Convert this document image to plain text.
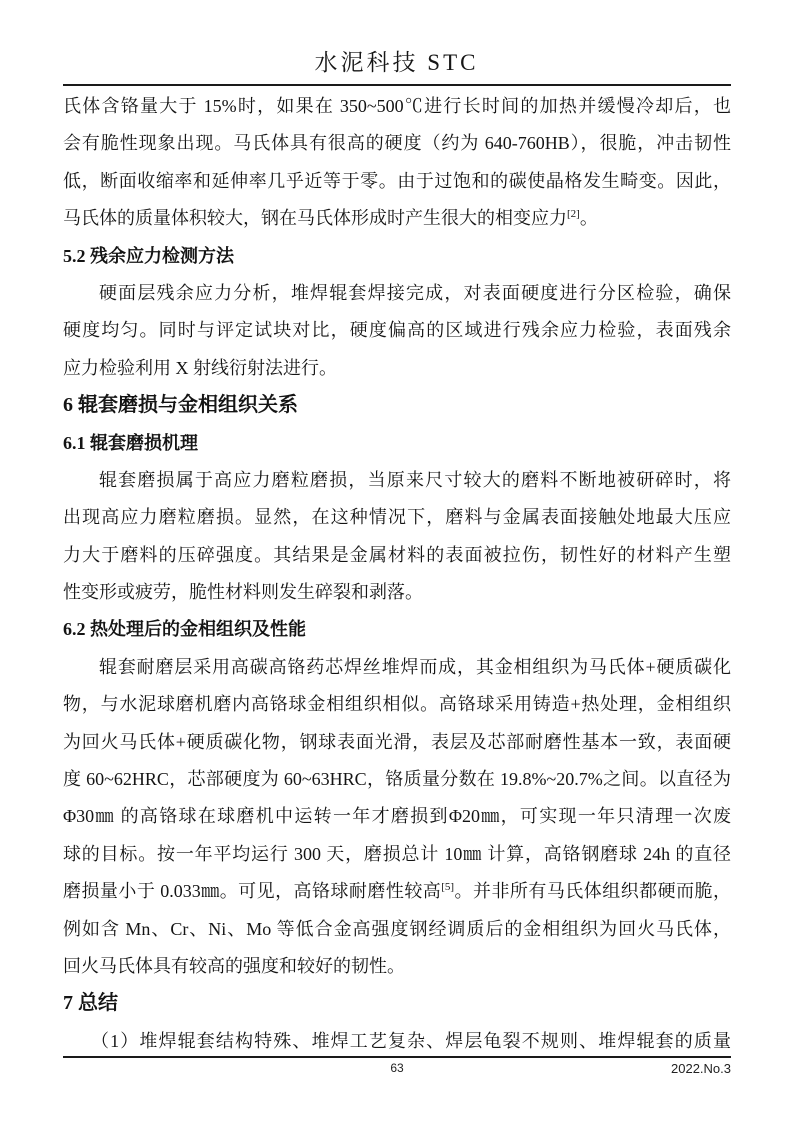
水泥科技 STC
氏体含铬量大于 15%时，如果在 350~500℃进行长时间的加热并缓慢冷却后，也
会有脆性现象出现。马氏体具有很高的硬度（约为 640-760HB），很脆，冲击韧性
低，断面收缩率和延伸率几乎近等于零。由于过饱和的碳使晶格发生畸变。因此，
马氏体的质量体积较大，钢在马氏体形成时产生很大的相变应力[2]。
5.2 残余应力检测方法
硬面层残余应力分析，堆焊辊套焊接完成，对表面硬度进行分区检验，确保
硬度均匀。同时与评定试块对比，硬度偏高的区域进行残余应力检验，表面残余
应力检验利用 X 射线衍射法进行。
6 辊套磨损与金相组织关系
6.1 辊套磨损机理
辊套磨损属于高应力磨粒磨损，当原来尺寸较大的磨料不断地被研碎时，将
出现高应力磨粒磨损。显然，在这种情况下，磨料与金属表面接触处地最大压应
力大于磨料的压碎强度。其结果是金属材料的表面被拉伤，韧性好的材料产生塑
性变形或疲劳，脆性材料则发生碎裂和剥落。
6.2 热处理后的金相组织及性能
辊套耐磨层采用高碳高铬药芯焊丝堆焊而成，其金相组织为马氏体+硬质碳化
物，与水泥球磨机磨内高铬球金相组织相似。高铬球采用铸造+热处理，金相组织
为回火马氏体+硬质碳化物，钢球表面光滑，表层及芯部耐磨性基本一致，表面硬
度 60~62HRC，芯部硬度为 60~63HRC，铬质量分数在 19.8%~20.7%之间。以直径为
Φ30㎜ 的高铬球在球磨机中运转一年才磨损到Φ20㎜，可实现一年只清理一次废
球的目标。按一年平均运行 300 天，磨损总计 10㎜ 计算，高铬钢磨球 24h 的直径
磨损量小于 0.033㎜。可见，高铬球耐磨性较高[5]。并非所有马氏体组织都硬而脆，
例如含 Mn、Cr、Ni、Mo 等低合金高强度钢经调质后的金相组织为回火马氏体，
回火马氏体具有较高的强度和较好的韧性。
7 总结
（1）堆焊辊套结构特殊、堆焊工艺复杂、焊层龟裂不规则、堆焊辊套的质量
63	2022.No.3
